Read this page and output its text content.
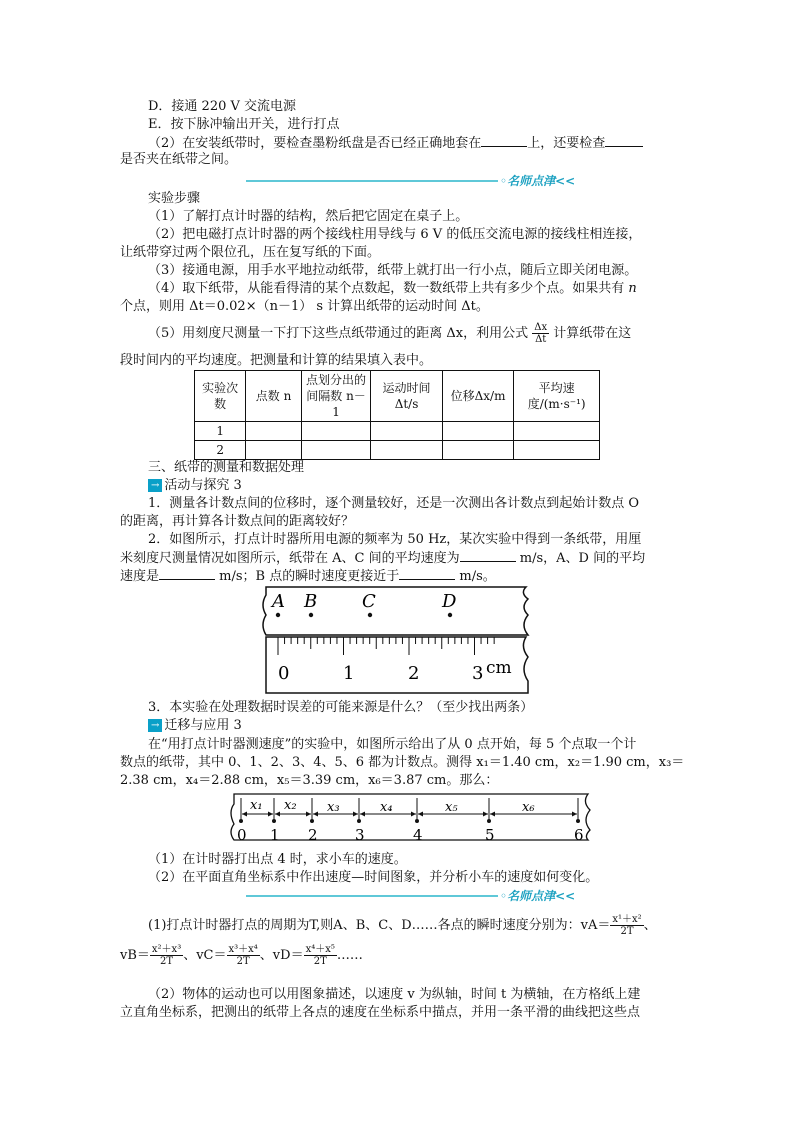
D．接通 220 V 交流电源
E．按下脉冲输出开关，进行打点
（2）在安装纸带时，要检查墨粉纸盘是否已经正确地套在	上，还要检查
是否夹在纸带之间。
◦名师点津<<
实验步骤
（1）了解打点计时器的结构，然后把它固定在桌子上。
（2）把电磁打点计时器的两个接线柱用导线与 6 V 的低压交流电源的接线柱相连接，
让纸带穿过两个限位孔，压在复写纸的下面。
（3）接通电源，用手水平地拉动纸带，纸带上就打出一行小点，随后立即关闭电源。
（4）取下纸带，从能看得清的某个点数起，数一数纸带上共有多少个点。如果共有 n
个点，则用 Δt＝0.02×（n－1） s 计算出纸带的运动时间 Δt。
（5）用刻度尺测量一下打下这些点纸带通过的距离 Δx，利用公式 $\frac{\Delta x}{\Delta t}$ 计算纸带在这
段时间内的平均速度。把测量和计算的结果填入表中。
实验次数	点数 n	点划分出的间隔数 n－1	运动时间Δt/s	位移Δx/m	平均速度/(m·s⁻¹)
1					
2					
三、纸带的测量和数据处理
→ 活动与探究 3
1．测量各计数点间的位移时，逐个测量较好，还是一次测出各计数点到起始计数点 O
的距离，再计算各计数点间的距离较好？
2．如图所示，打点计时器所用电源的频率为 50 Hz，某次实验中得到一条纸带，用厘
米刻度尺测量情况如图所示，纸带在 A、C 间的平均速度为	m/s，A、D 间的平均
速度是	m/s；B 点的瞬时速度更接近于	m/s。
0	1	2	3 cm
A B C	D
3．本实验在处理数据时误差的可能来源是什么？（至少找出两条）
→ 迁移与应用 3
在“用打点计时器测速度”的实验中，如图所示给出了从 0 点开始，每 5 个点取一个计
数点的纸带，其中 0、1、2、3、4、5、6 都为计数点。测得 x₁＝1.40 cm，x₂＝1.90 cm，x₃＝
2.38 cm，x₄＝2.88 cm，x₅＝3.39 cm，x₆＝3.87 cm。那么：
x₁ x₂ x₃	x₄	x₅	x₆
0 1 2 3	4	5	6
（1）在计时器打出点 4 时，求小车的速度。
（2）在平面直角坐标系中作出速度—时间图象，并分析小车的速度如何变化。
◦名师点津<<
(1)打点计时器打点的周期为T,则A、B、C、D……各点的瞬时速度分别为：$vA= \frac{\text{x¹＋x²}}{2T}$ 、
$vB= \frac{\text{x²＋x³}}{2T}$ 、$vC= \frac{\text{x³＋x⁴}}{2T}$ 、$vD= \frac{\text{x⁴＋x⁵}}{2T}$ ……
（2）物体的运动也可以用图象描述，以速度 v 为纵轴，时间 t 为横轴，在方格纸上建
立直角坐标系，把测出的纸带上各点的速度在坐标系中描点，并用一条平滑的曲线把这些点
